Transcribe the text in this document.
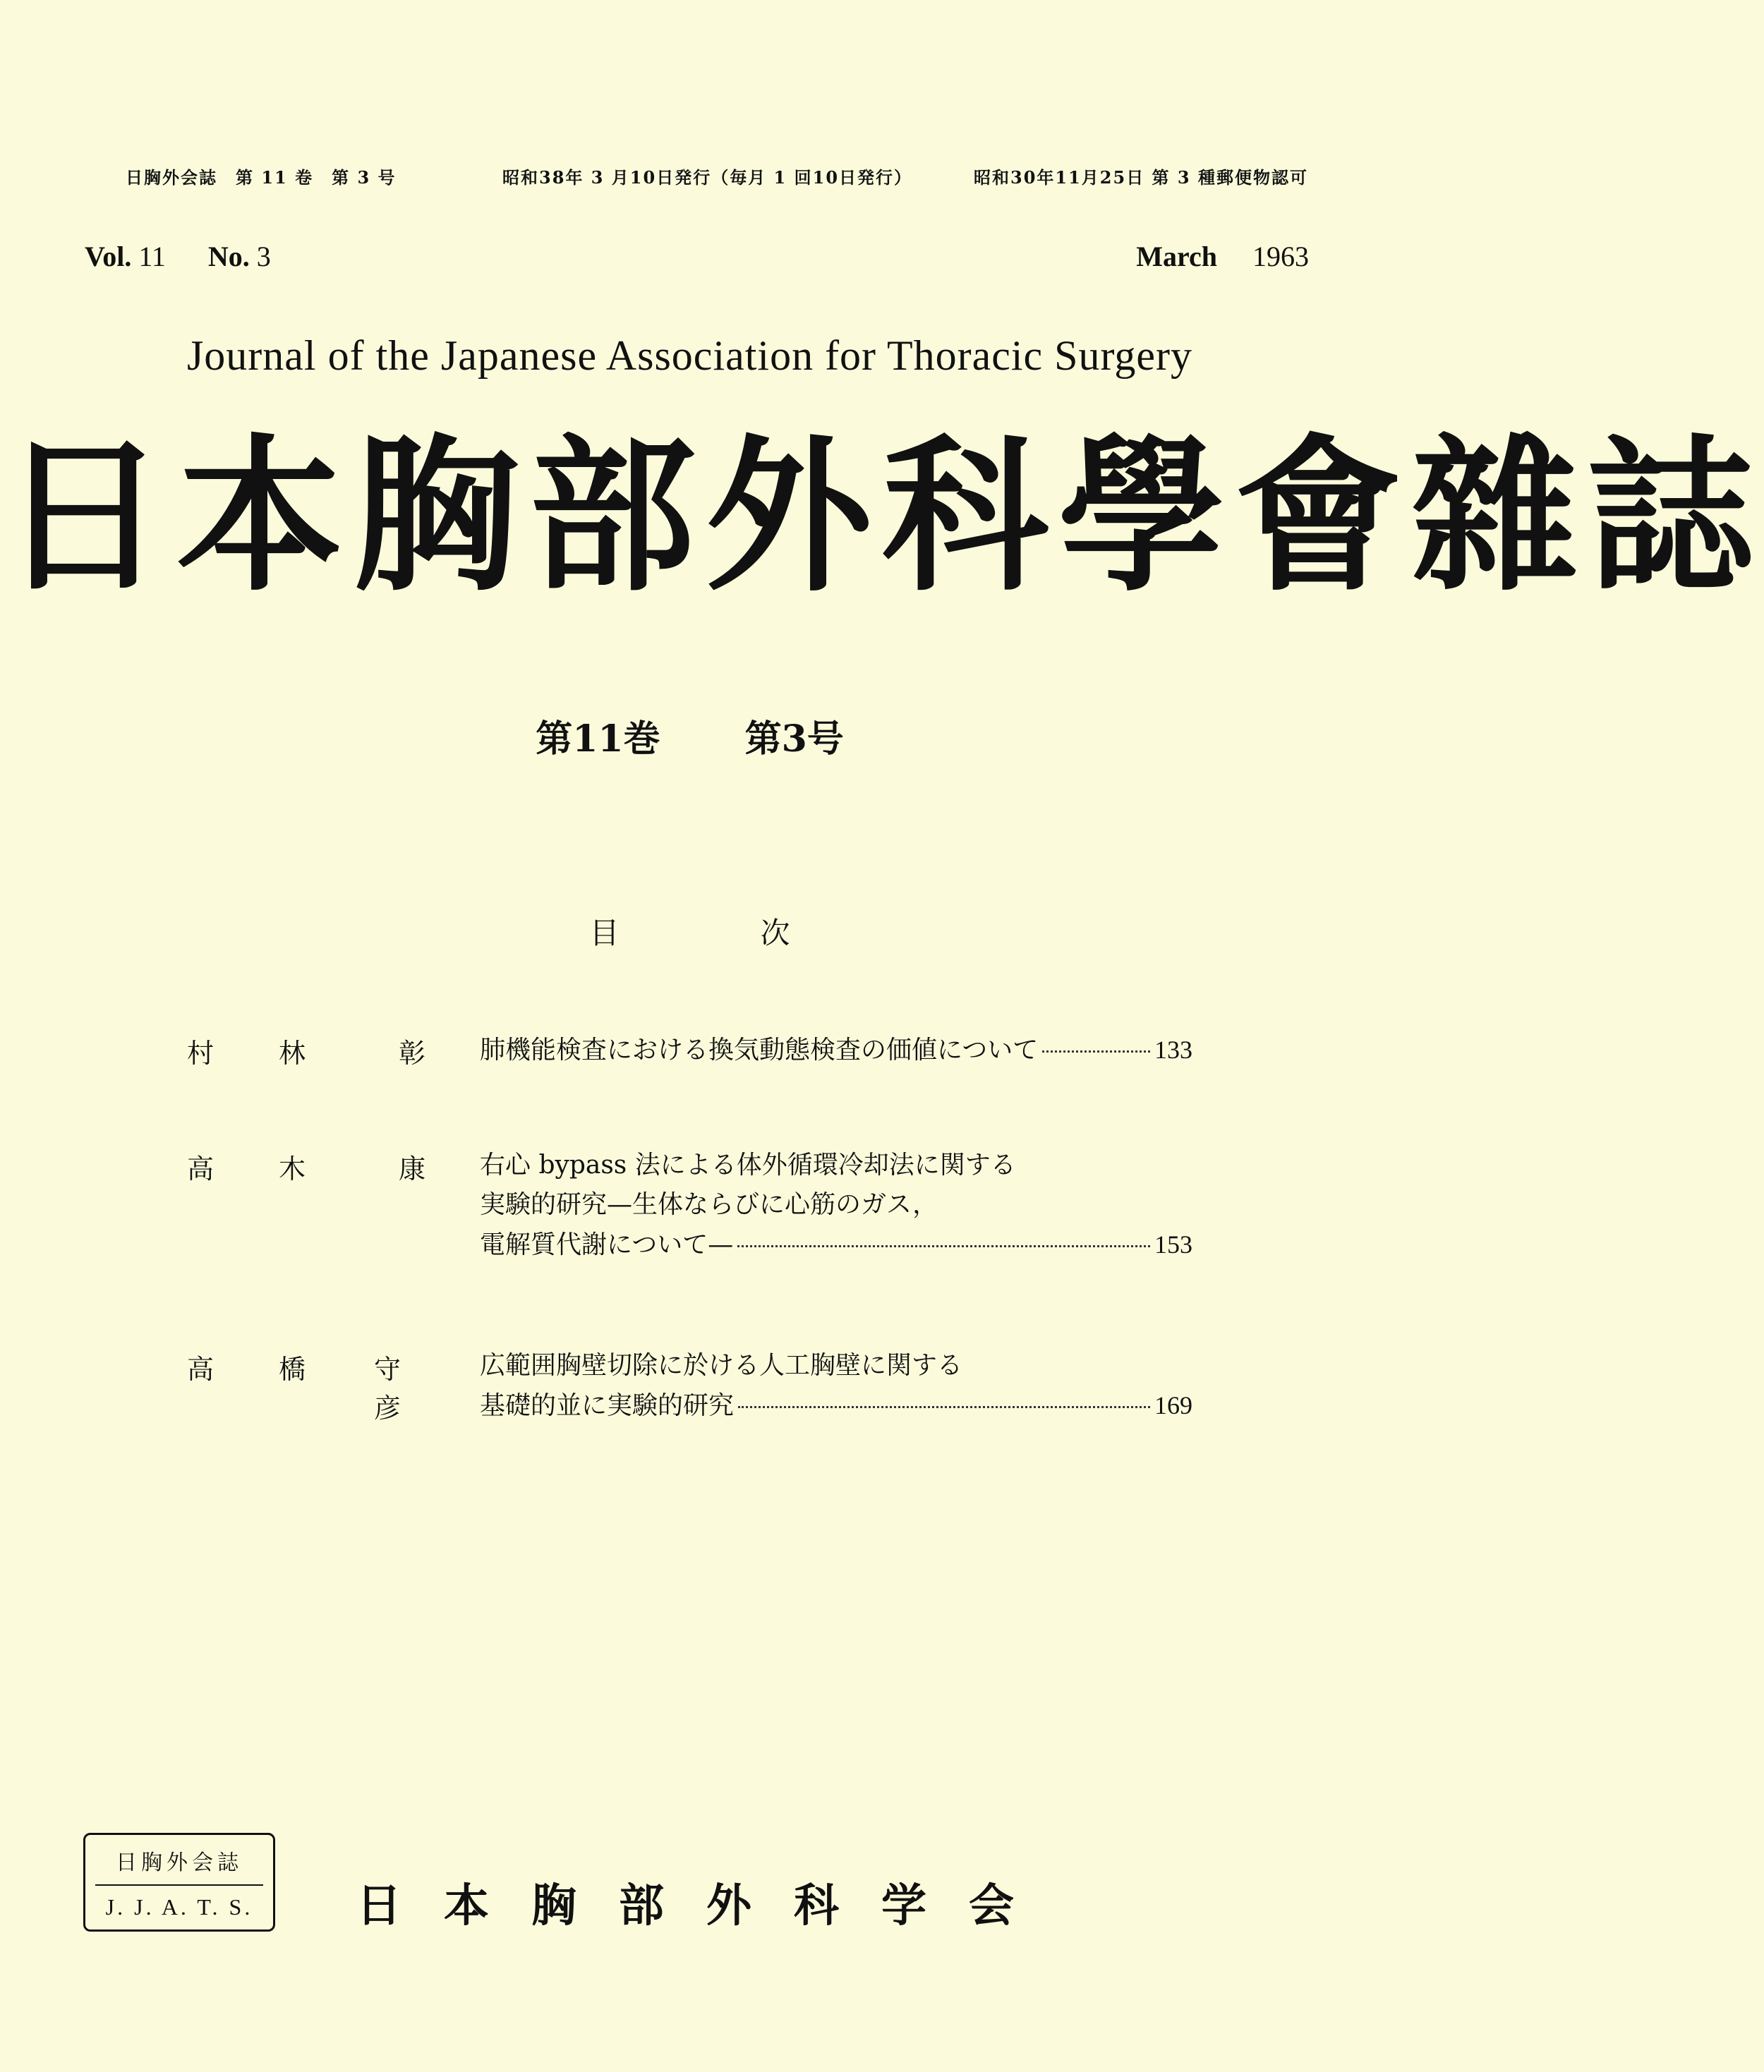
日胸外会誌　第 11 卷　第 3 号	昭和38年 3 月10日発行（毎月 1 回10日発行）	昭和30年11月25日 第 3 種郵便物認可
Vol. 11 No. 3	March 1963
Journal of the Japanese Association for Thoracic Surgery
日本胸部外科學會雜誌
第11巻 第3号
目	次
村 林	彰 肺機能検査における換気動態検査の価値について	133
高 木	康 右心 bypass 法による体外循環冷却法に関する
実験的研究—生体ならびに心筋のガス，
電解質代謝について—	153
高 橋	守彦
広範囲胸壁切除に於ける人工胸壁に関する
基礎的並に実験的研究	169
日胸外会誌
J. J. A. T. S.	日本胸部外科学会
